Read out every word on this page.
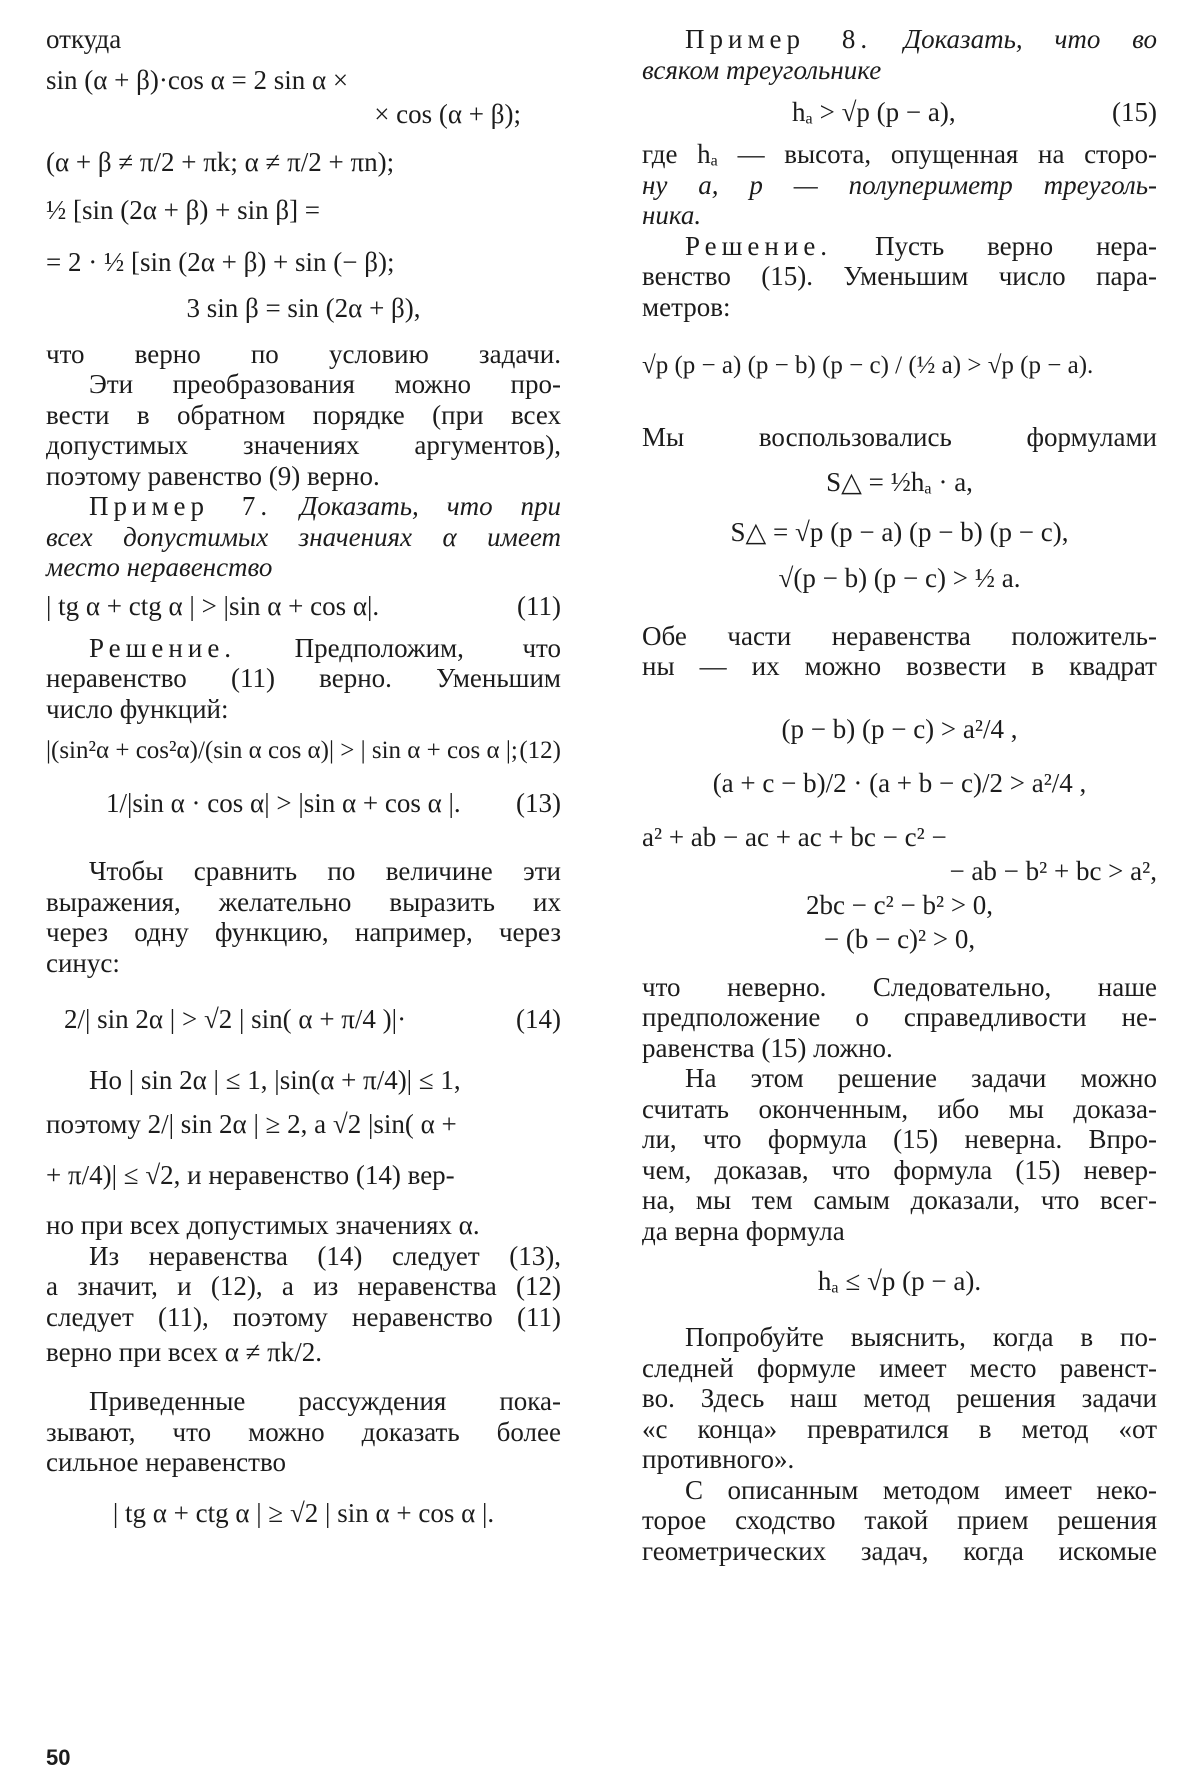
откуда

sin (α + β)·cos α = 2 sin α ×

× cos (α + β);

(α + β ≠ π/2 + πk; α ≠ π/2 + πn);

½ [sin (2α + β) + sin β] =

= 2 · ½ [sin (2α + β) + sin (− β);

3 sin β = sin (2α + β),

что верно по условию задачи.

Эти преобразования можно про-

вести в обратном порядке (при всех

допустимых значениях аргументов),

поэтому равенство (9) верно.

Пример 7. Доказать, что при

всех допустимых значениях α имеет

место неравенство

| tg α + ctg α | > |sin α + cos α|.	(11)

Решение. Предположим, что

неравенство (11) верно. Уменьшим

число функций:

|(sin²α + cos²α)/(sin α cos α)| > | sin α + cos α |; (12)

1/|sin α · cos α| > |sin α + cos α |. (13)

Чтобы сравнить по величине эти

выражения, желательно выразить их

через одну функцию, например, через

синус:

2/| sin 2α | > √2 | sin( α + π/4 )|·	(14)

Но | sin 2α | ≤ 1, |sin(α + π/4)| ≤ 1,

поэтому 2/| sin 2α | ≥ 2, а √2 |sin( α +

+ π/4)| ≤ √2, и неравенство (14) вер-

но при всех допустимых значениях α.

Из неравенства (14) следует (13),

а значит, и (12), а из неравенства (12)

следует (11), поэтому неравенство (11)

верно при всех α ≠ πk/2.

Приведенные рассуждения пока-

зывают, что можно доказать более

сильное неравенство

| tg α + ctg α | ≥ √2 | sin α + cos α |.

Пример 8. Доказать, что во

всяком треугольнике

hₐ > √p (p − a),	(15)

где hₐ — высота, опущенная на сторо-

ну a, p — полупериметр треуголь-

ника.

Решение. Пусть верно нера-

венство (15). Уменьшим число пара-

метров:

√p (p − a) (p − b) (p − c) / (½ a) > √p (p − a).

Мы воспользовались формулами

S△ = ½hₐ · a,

S△ = √p (p − a) (p − b) (p − c),

√(p − b) (p − c) > ½ a.

Обе части неравенства положитель-

ны — их можно возвести в квадрат

(p − b) (p − c) > a²/4 ,

(a + c − b)/2 · (a + b − c)/2 > a²/4 ,

a² + ab − ac + ac + bc − c² −

− ab − b² + bc > a²,

2bc − c² − b² > 0,

− (b − c)² > 0,

что неверно. Следовательно, наше

предположение о справедливости не-

равенства (15) ложно.

На этом решение задачи можно

считать оконченным, ибо мы доказа-

ли, что формула (15) неверна. Впро-

чем, доказав, что формула (15) невер-

на, мы тем самым доказали, что всег-

да верна формула

hₐ ≤ √p (p − a).

Попробуйте выяснить, когда в по-

следней формуле имеет место равенст-

во. Здесь наш метод решения задачи

«с конца» превратился в метод «от

противного».

С описанным методом имеет неко-

торое сходство такой прием решения

геометрических задач, когда искомые

50
